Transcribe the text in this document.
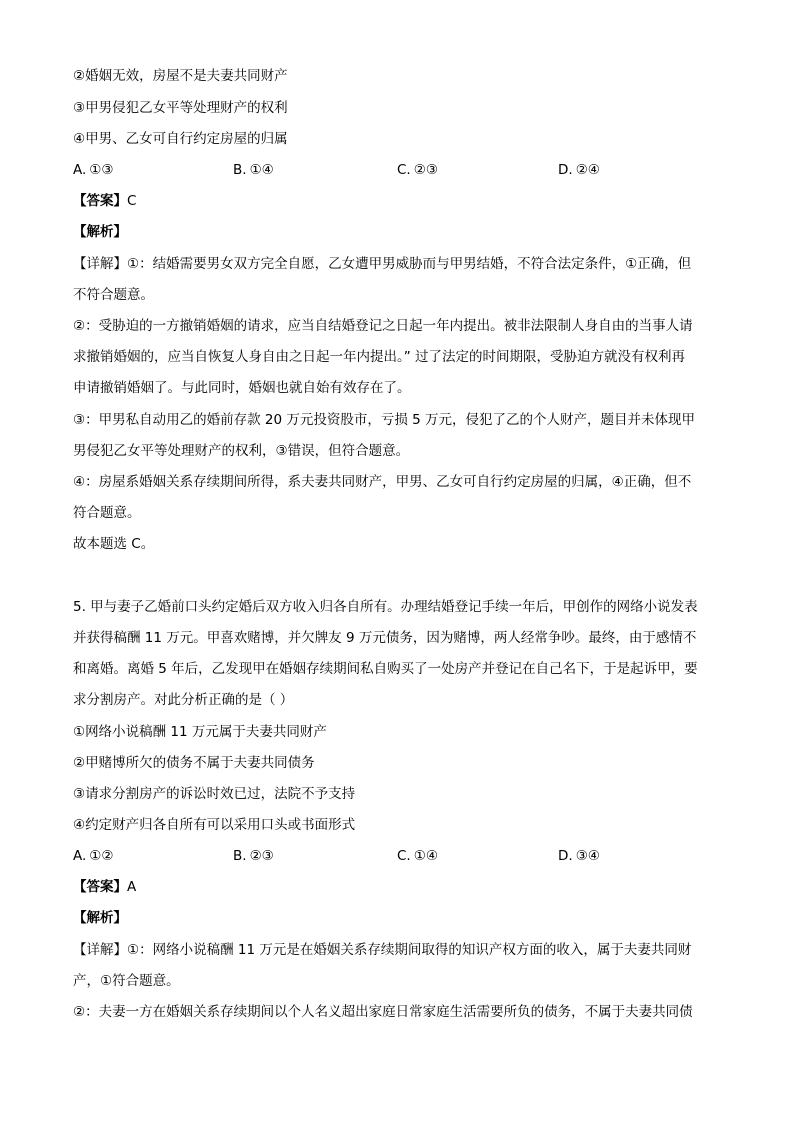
②婚姻无效，房屋不是夫妻共同财产
③甲男侵犯乙女平等处理财产的权利
④甲男、乙女可自行约定房屋的归属
A. ①③	B. ①④	C. ②③	D. ②④
【答案】C
【解析】
【详解】①：结婚需要男女双方完全自愿，乙女遭甲男威胁而与甲男结婚，不符合法定条件，①正确，但
不符合题意。
②：受胁迫的一方撤销婚姻的请求，应当自结婚登记之日起一年内提出。被非法限制人身自由的当事人请
求撤销婚姻的，应当自恢复人身自由之日起一年内提出。” 过了法定的时间期限，受胁迫方就没有权利再
申请撤销婚姻了。与此同时，婚姻也就自始有效存在了。
③：甲男私自动用乙的婚前存款 20 万元投资股市，亏损 5 万元，侵犯了乙的个人财产，题目并未体现甲
男侵犯乙女平等处理财产的权利，③错误，但符合题意。
④：房屋系婚姻关系存续期间所得，系夫妻共同财产，甲男、乙女可自行约定房屋的归属，④正确，但不
符合题意。
故本题选 C。
5. 甲与妻子乙婚前口头约定婚后双方收入归各自所有。办理结婚登记手续一年后，甲创作的网络小说发表
并获得稿酬 11 万元。甲喜欢赌博，并欠牌友 9 万元债务，因为赌博，两人经常争吵。最终，由于感情不
和离婚。离婚 5 年后，乙发现甲在婚姻存续期间私自购买了一处房产并登记在自己名下，于是起诉甲，要
求分割房产。对此分析正确的是（ ）
①网络小说稿酬 11 万元属于夫妻共同财产
②甲赌博所欠的债务不属于夫妻共同债务
③请求分割房产的诉讼时效已过，法院不予支持
④约定财产归各自所有可以采用口头或书面形式
A. ①②	B. ②③	C. ①④	D. ③④
【答案】A
【解析】
【详解】①：网络小说稿酬 11 万元是在婚姻关系存续期间取得的知识产权方面的收入，属于夫妻共同财
产，①符合题意。
②：夫妻一方在婚姻关系存续期间以个人名义超出家庭日常家庭生活需要所负的债务，不属于夫妻共同债
